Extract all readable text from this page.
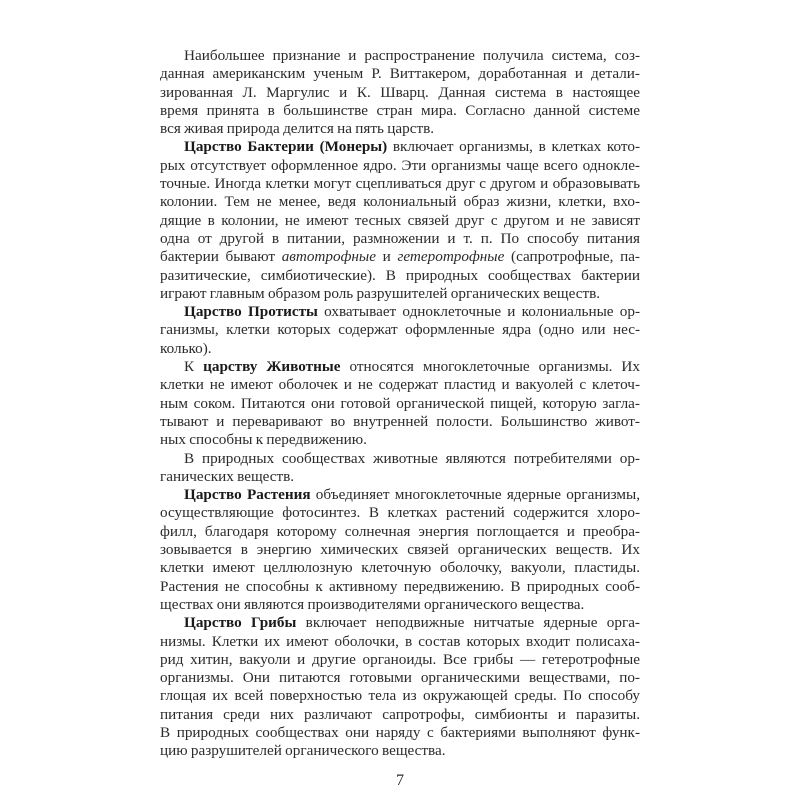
Наибольшее признание и распространение получила система, соз-
данная американским ученым Р. Виттакером, доработанная и детали-
зированная Л. Маргулис и К. Шварц. Данная система в настоящее
время принята в большинстве стран мира. Согласно данной системе
вся живая природа делится на пять царств.
Царство Бактерии (Монеры) включает организмы, в клетках кото-
рых отсутствует оформленное ядро. Эти организмы чаще всего однокле-
точные. Иногда клетки могут сцепливаться друг с другом и образовывать
колонии. Тем не менее, ведя колониальный образ жизни, клетки, вхо-
дящие в колонии, не имеют тесных связей друг с другом и не зависят
одна от другой в питании, размножении и т. п. По способу питания
бактерии бывают автотрофные и гетеротрофные (сапротрофные, па-
разитические, симбиотические). В природных сообществах бактерии
играют главным образом роль разрушителей органических веществ.
Царство Протисты охватывает одноклеточные и колониальные ор-
ганизмы, клетки которых содержат оформленные ядра (одно или нес-
колько).
К царству Животные относятся многоклеточные организмы. Их
клетки не имеют оболочек и не содержат пластид и вакуолей с клеточ-
ным соком. Питаются они готовой органической пищей, которую загла-
тывают и переваривают во внутренней полости. Большинство живот-
ных способны к передвижению.
В природных сообществах животные являются потребителями ор-
ганических веществ.
Царство Растения объединяет многоклеточные ядерные организмы,
осуществляющие фотосинтез. В клетках растений содержится хлоро-
филл, благодаря которому солнечная энергия поглощается и преобра-
зовывается в энергию химических связей органических веществ. Их
клетки имеют целлюлозную клеточную оболочку, вакуоли, пластиды.
Растения не способны к активному передвижению. В природных сооб-
ществах они являются производителями органического вещества.
Царство Грибы включает неподвижные нитчатые ядерные орга-
низмы. Клетки их имеют оболочки, в состав которых входит полисаха-
рид хитин, вакуоли и другие органоиды. Все грибы — гетеротрофные
организмы. Они питаются готовыми органическими веществами, по-
глощая их всей поверхностью тела из окружающей среды. По способу
питания среди них различают сапротрофы, симбионты и паразиты.
В природных сообществах они наряду с бактериями выполняют функ-
цию разрушителей органического вещества.
7
